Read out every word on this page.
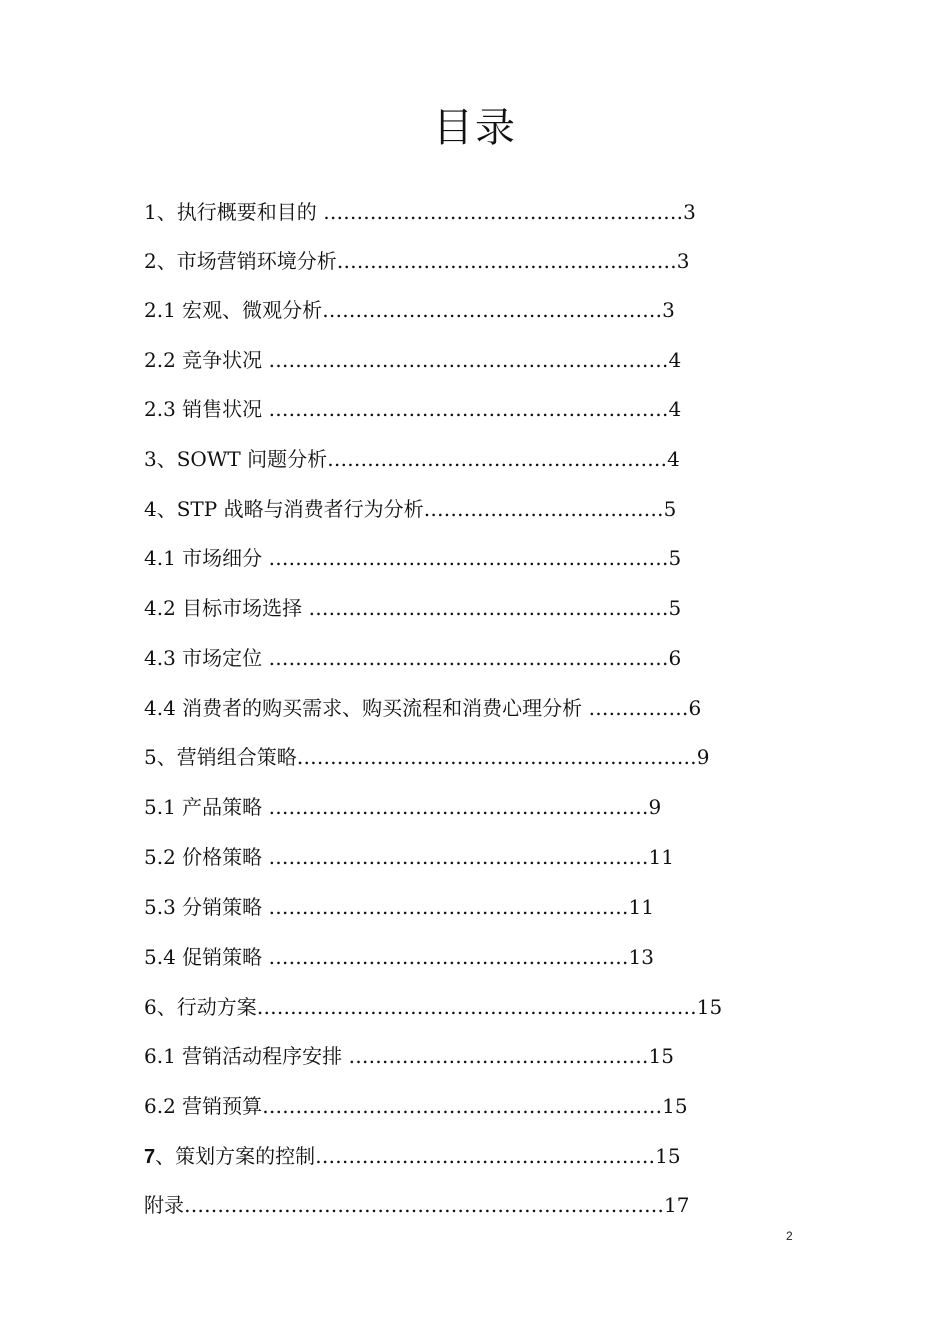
目录
1、执行概要和目的 ………………………………………………3
2、市场营销环境分析……………………………………………3
2.1 宏观、微观分析……………………………………………3
2.2 竞争状况 ……………………………………………………4
2.3 销售状况 ……………………………………………………4
3、SOWT 问题分析……………………………………………4
4、STP 战略与消费者行为分析………………………………5
4.1 市场细分 ……………………………………………………5
4.2 目标市场选择 ………………………………………………5
4.3 市场定位 ……………………………………………………6
4.4 消费者的购买需求、购买流程和消费心理分析 ……………6
5、营销组合策略……………………………………………………9
5.1 产品策略 …………………………………………………9
5.2 价格策略 …………………………………………………11
5.3 分销策略 ………………………………………………11
5.4 促销策略 ………………………………………………13
6、行动方案…………………………………………………………15
6.1 营销活动程序安排 ………………………………………15
6.2 营销预算……………………………………………………15
7、策划方案的控制……………………………………………15
附录………………………………………………………………17
2
